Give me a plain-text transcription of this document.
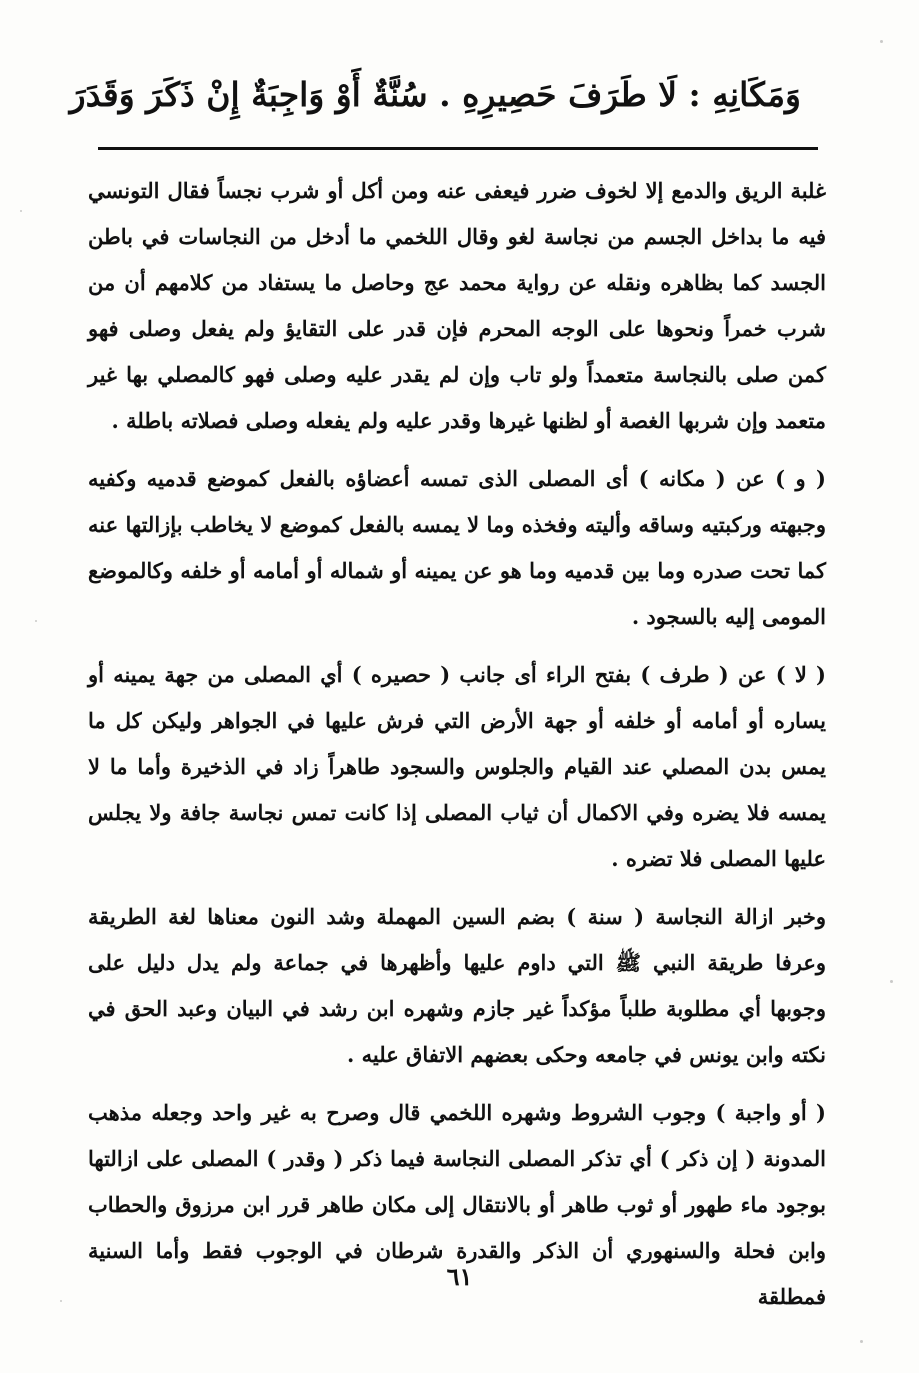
وَمَكَانِهِ : لَا طَرَفَ حَصِيرِهِ . سُنَّةٌ أَوْ وَاجِبَةٌ إِنْ ذَكَرَ وَقَدَرَ

غلبة الريق والدمع إلا لخوف ضرر فيعفى عنه ومن أكل أو شرب نجساً فقال التونسي فيه ما بداخل الجسم من نجاسة لغو وقال اللخمي ما أدخل من النجاسات في باطن الجسد كما بظاهره ونقله عن رواية محمد عج وحاصل ما يستفاد من كلامهم أن من شرب خمراً ونحوها على الوجه المحرم فإن قدر على التقايؤ ولم يفعل وصلى فهو كمن صلى بالنجاسة متعمداً ولو تاب وإن لم يقدر عليه وصلى فهو كالمصلي بها غير متعمد وإن شربها الغصة أو لظنها غيرها وقدر عليه ولم يفعله وصلى فصلاته باطلة .

( و ) عن ( مكانه ) أى المصلى الذى تمسه أعضاؤه بالفعل كموضع قدميه وكفيه وجبهته وركبتيه وساقه وأليته وفخذه وما لا يمسه بالفعل كموضع لا يخاطب بإزالتها عنه كما تحت صدره وما بين قدميه وما هو عن يمينه أو شماله أو أمامه أو خلفه وكالموضع المومى إليه بالسجود .

( لا ) عن ( طرف ) بفتح الراء أى جانب ( حصيره ) أي المصلى من جهة يمينه أو يساره أو أمامه أو خلفه أو جهة الأرض التي فرش عليها في الجواهر وليكن كل ما يمس بدن المصلي عند القيام والجلوس والسجود طاهراً زاد في الذخيرة وأما ما لا يمسه فلا يضره وفي الاكمال أن ثياب المصلى إذا كانت تمس نجاسة جافة ولا يجلس عليها المصلى فلا تضره .

وخبر ازالة النجاسة ( سنة ) بضم السين المهملة وشد النون معناها لغة الطريقة وعرفا طريقة النبي ﷺ التي داوم عليها وأظهرها في جماعة ولم يدل دليل على وجوبها أي مطلوبة طلباً مؤكداً غير جازم وشهره ابن رشد في البيان وعبد الحق في نكته وابن يونس في جامعه وحكى بعضهم الاتفاق عليه .

( أو واجبة ) وجوب الشروط وشهره اللخمي قال وصرح به غير واحد وجعله مذهب المدونة ( إن ذكر ) أي تذكر المصلى النجاسة فيما ذكر ( وقدر ) المصلى على ازالتها بوجود ماء طهور أو ثوب طاهر أو بالانتقال إلى مكان طاهر قرر ابن مرزوق والحطاب وابن فحلة والسنهوري أن الذكر والقدرة شرطان في الوجوب فقط وأما السنية فمطلقة

٦١
